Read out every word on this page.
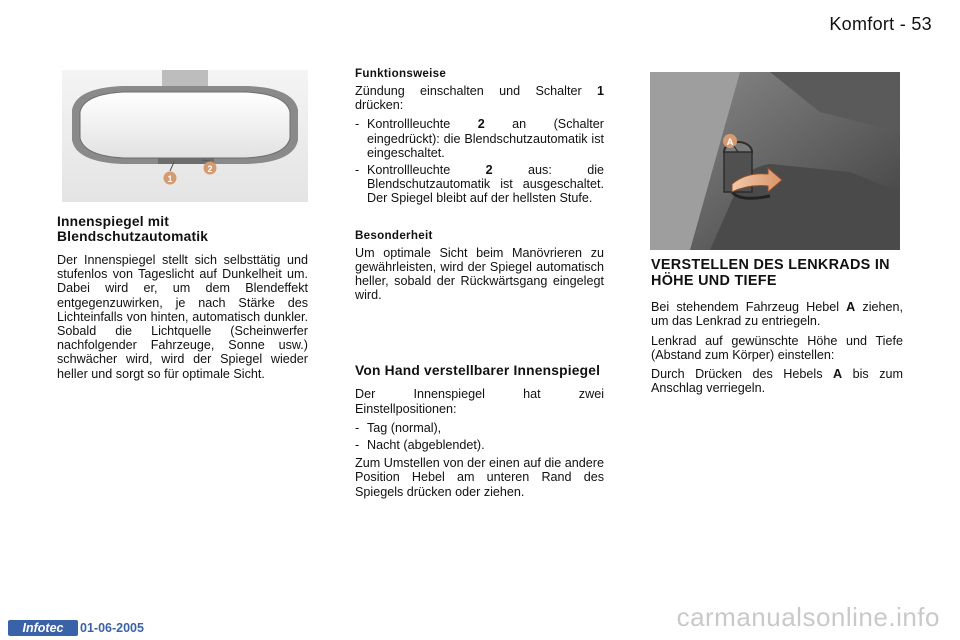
Komfort - 53
1
2
A
Innenspiegel mit Blendschutzautomatik

Der Innenspiegel stellt sich selbsttätig und stufenlos von Tageslicht auf Dunkelheit um. Dabei wird er, um dem Blendeffekt entgegenzuwirken, je nach Stärke des Lichteinfalls von hinten, automatisch dunkler. Sobald die Lichtquelle (Scheinwerfer nachfolgender Fahrzeuge, Sonne usw.) schwächer wird, wird der Spiegel wieder heller und sorgt so für optimale Sicht.

Funktionsweise

Zündung einschalten und Schalter 1 drücken:

- Kontrollleuchte 2 an (Schalter eingedrückt): die Blendschutzautomatik ist eingeschaltet.
- Kontrollleuchte 2 aus: die Blendschutzautomatik ist ausgeschaltet. Der Spiegel bleibt auf der hellsten Stufe.
Besonderheit

Um optimale Sicht beim Manövrieren zu gewährleisten, wird der Spiegel automatisch heller, sobald der Rückwärtsgang eingelegt wird.

Von Hand verstellbarer Innenspiegel

Der Innenspiegel hat zwei Einstellpositionen:

- Tag (normal),
- Nacht (abgeblendet).

Zum Umstellen von der einen auf die andere Position Hebel am unteren Rand des Spiegels drücken oder ziehen.

VERSTELLEN DES LENKRADS IN HÖHE UND TIEFE

Bei stehendem Fahrzeug Hebel A ziehen, um das Lenkrad zu entriegeln.

Lenkrad auf gewünschte Höhe und Tiefe (Abstand zum Körper) einstellen:

Durch Drücken des Hebels A bis zum Anschlag verriegeln.

Infotec	01-06-2005	carmanualsonline.info
